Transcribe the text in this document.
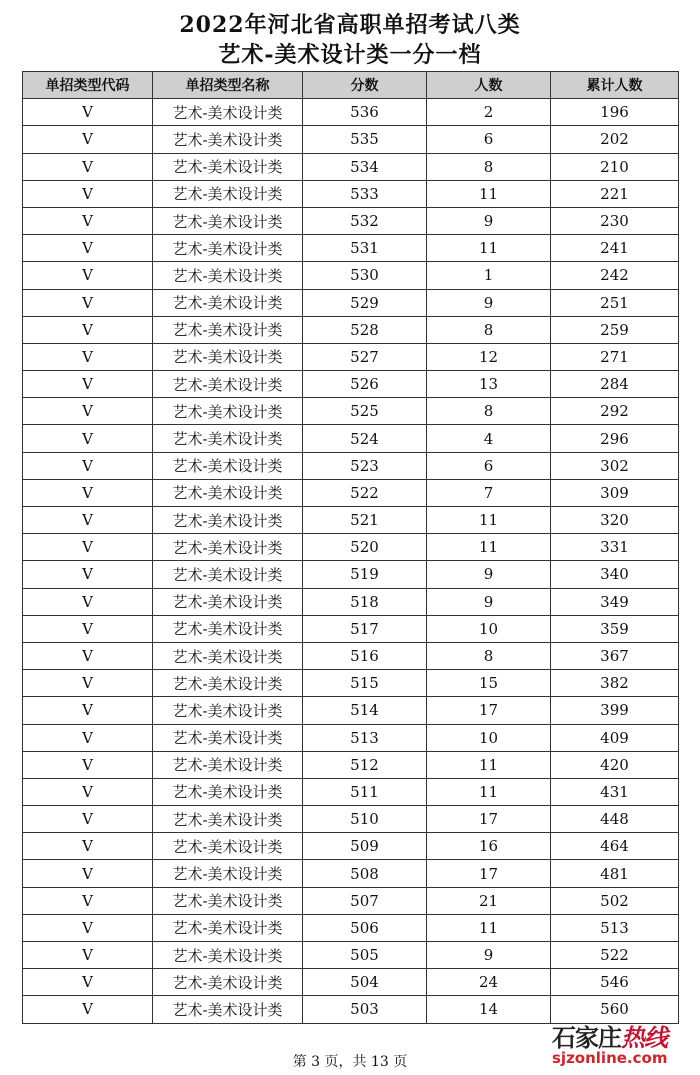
2022年河北省高职单招考试八类
艺术-美术设计类一分一档
单招类型代码	单招类型名称	分数	人数	累计人数
V	艺术-美术设计类	536	2	196
V	艺术-美术设计类	535	6	202
V	艺术-美术设计类	534	8	210
V	艺术-美术设计类	533	11	221
V	艺术-美术设计类	532	9	230
V	艺术-美术设计类	531	11	241
V	艺术-美术设计类	530	1	242
V	艺术-美术设计类	529	9	251
V	艺术-美术设计类	528	8	259
V	艺术-美术设计类	527	12	271
V	艺术-美术设计类	526	13	284
V	艺术-美术设计类	525	8	292
V	艺术-美术设计类	524	4	296
V	艺术-美术设计类	523	6	302
V	艺术-美术设计类	522	7	309
V	艺术-美术设计类	521	11	320
V	艺术-美术设计类	520	11	331
V	艺术-美术设计类	519	9	340
V	艺术-美术设计类	518	9	349
V	艺术-美术设计类	517	10	359
V	艺术-美术设计类	516	8	367
V	艺术-美术设计类	515	15	382
V	艺术-美术设计类	514	17	399
V	艺术-美术设计类	513	10	409
V	艺术-美术设计类	512	11	420
V	艺术-美术设计类	511	11	431
V	艺术-美术设计类	510	17	448
V	艺术-美术设计类	509	16	464
V	艺术-美术设计类	508	17	481
V	艺术-美术设计类	507	21	502
V	艺术-美术设计类	506	11	513
V	艺术-美术设计类	505	9	522
V	艺术-美术设计类	504	24	546
V	艺术-美术设计类	503	14	560
第 3 页，共 13 页
石家庄热线
sjzonline.com
